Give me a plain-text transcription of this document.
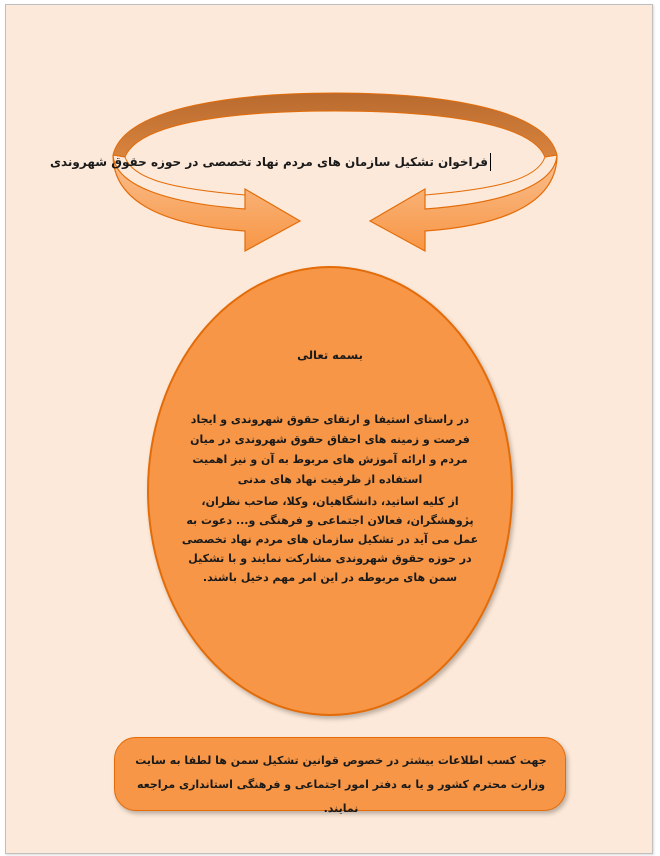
فراخوان تشکیل سازمان های مردم نهاد تخصصی در حوزه حقوق شهروندی
بسمه تعالی
در راستای استیفا و ارتقای حقوق شهروندی و ایجاد فرصت و زمینه های احقاق حقوق شهروندی در میان مردم و ارائه آموزش های مربوط به آن و نیز اهمیت استفاده از ظرفیت نهاد های مدنی
از کلیه اساتید، دانشگاهیان، وکلا، صاحب نظران، پژوهشگران، فعالان اجتماعی و فرهنگی و... دعوت به عمل می آید در تشکیل سازمان های مردم نهاد تخصصی در حوزه حقوق شهروندی مشارکت نمایند و با تشکیل سمن های مربوطه در این امر مهم دخیل باشند.
جهت کسب اطلاعات بیشتر در خصوص قوانین تشکیل سمن ها لطفا به سایت وزارت محترم کشور و یا به دفتر امور اجتماعی و فرهنگی استانداری مراجعه نمایند.
